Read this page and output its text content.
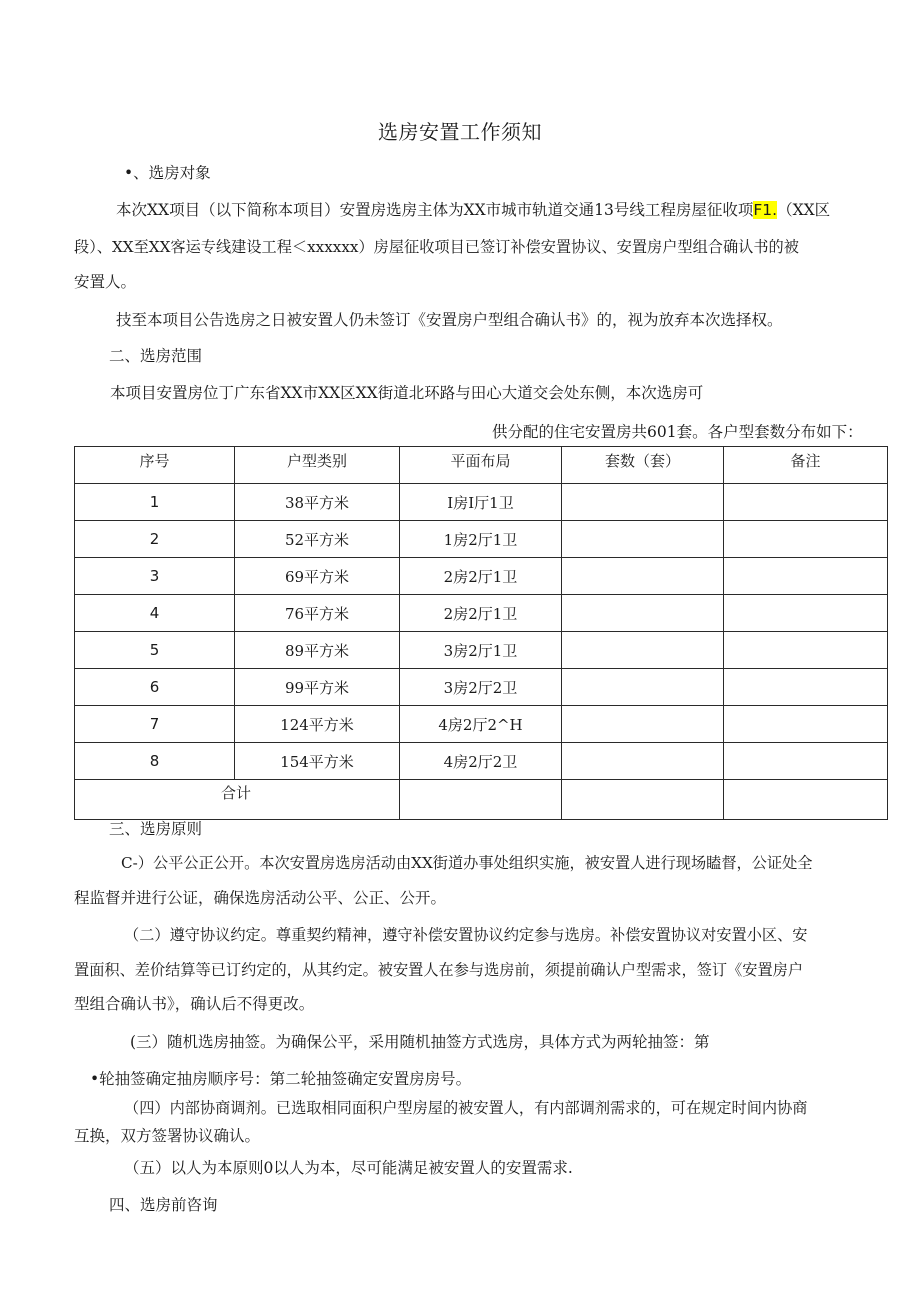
选房安置工作须知
•、选房对象
本次XX项目（以下简称本项目）安置房选房主体为XX市城市轨道交通13号线工程房屋征收项F1.（XX区
段）、XX至XX客运专线建设工程＜xxxxxx）房屋征收项目已签订补偿安置协议、安置房户型组合确认书的被
安置人。
技至本项目公告选房之日被安置人仍未签订《安置房户型组合确认书》的，视为放弃本次选择权。
二、选房范围
本项目安置房位丁广东省XX市XX区XX街道北环路与田心大道交会处东侧，本次选房可
供分配的住宅安置房共601套。各户型套数分布如下：
序号	户型类别	平面布局	套数（套）	备注
1	38平方米	I房I厅1卫		
2	52平方米	1房2厅1卫		
3	69平方米	2房2厅1卫		
4	76平方米	2房2厅1卫		
5	89平方米	3房2厅1卫		
6	99平方米	3房2厅2卫		
7	124平方米	4房2厅2^H		
8	154平方米	4房2厅2卫		
合计				
三、选房原则
C-）公平公正公开。本次安置房选房活动由XX街道办事处组织实施，被安置人进行现场瞌督，公证处全
程监督并进行公证，确保选房活动公平、公正、公开。
（二）遵守协议约定。尊重契约精神，遵守补偿安置协议约定参与选房。补偿安置协议对安置小区、安
置面积、差价结算等已订约定的，从其约定。被安置人在参与选房前，须提前确认户型需求，签订《安置房户
型组合确认书》，确认后不得更改。
(三）随机选房抽签。为确保公平，采用随机抽签方式选房，具体方式为两轮抽签：第
•轮抽签确定抽房顺序号：第二轮抽签确定安置房房号。
（四）内部协商调剂。已选取相同面积户型房屋的被安置人，有内部调剂需求的，可在规定时间内协商
互换，双方签署协议确认。
（五）以人为本原则0以人为本，尽可能满足被安置人的安置需求.
四、选房前咨询
